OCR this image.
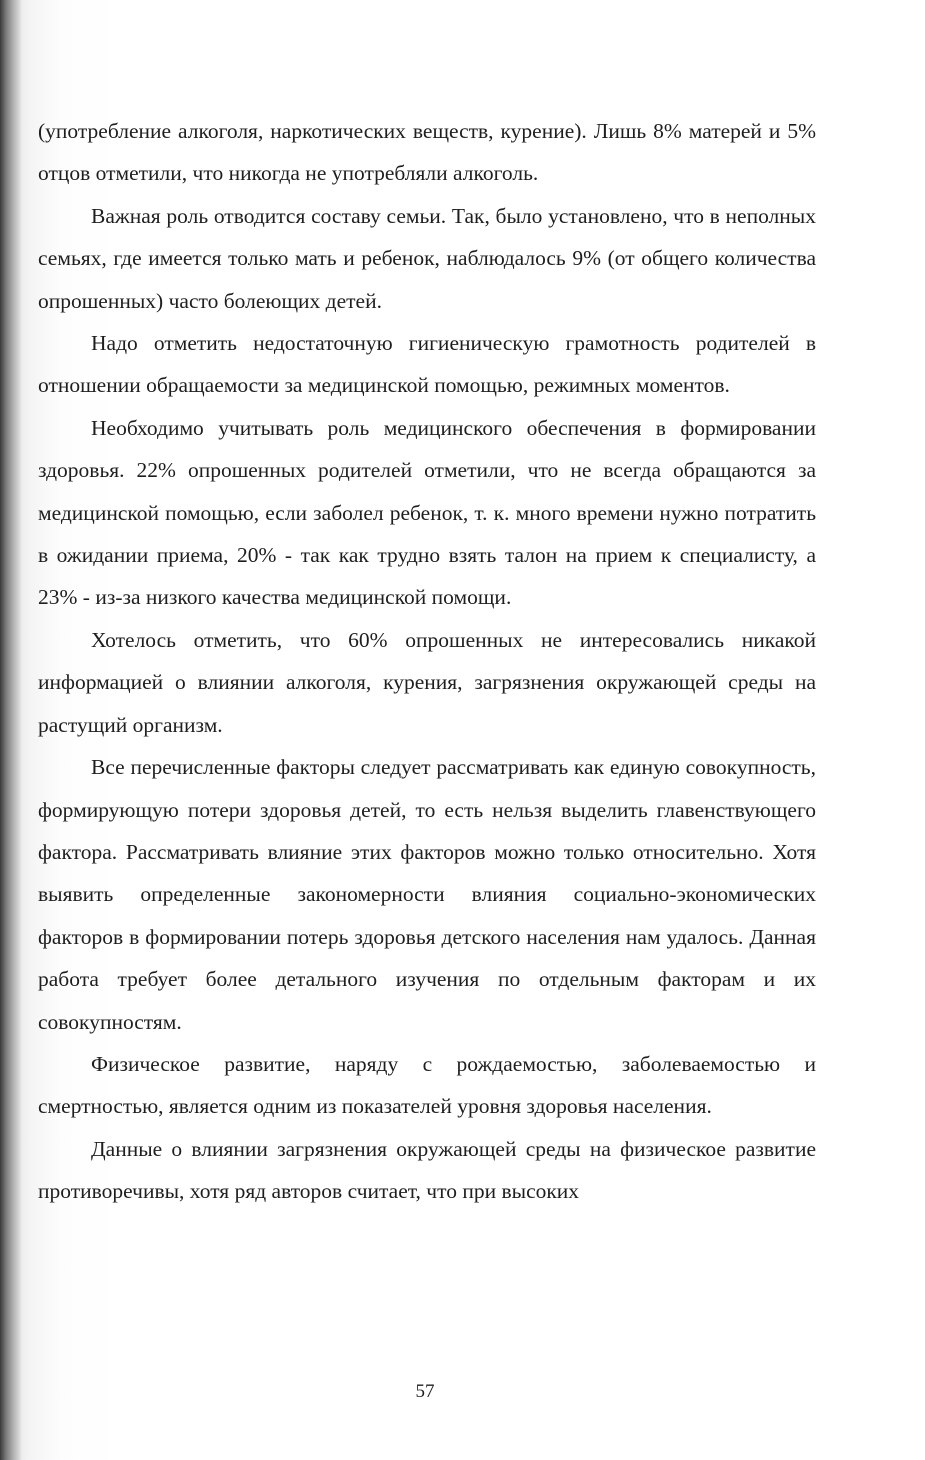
(употребление алкоголя, наркотических веществ, курение). Лишь 8% матерей и 5% отцов отметили, что никогда не употребляли алкоголь.

Важная роль отводится составу семьи. Так, было установлено, что в неполных семьях, где имеется только мать и ребенок, наблюдалось 9% (от общего количества опрошенных) часто болеющих детей.

Надо отметить недостаточную гигиеническую грамотность родителей в отношении обращаемости за медицинской помощью, режимных моментов.

Необходимо учитывать роль медицинского обеспечения в формировании здоровья. 22% опрошенных родителей отметили, что не всегда обращаются за медицинской помощью, если заболел ребенок, т. к. много времени нужно потратить в ожидании приема, 20% - так как трудно взять талон на прием к специалисту, а 23% - из-за низкого качества медицинской помощи.

Хотелось отметить, что 60% опрошенных не интересовались никакой информацией о влиянии алкоголя, курения, загрязнения окружающей среды на растущий организм.

Все перечисленные факторы следует рассматривать как единую совокупность, формирующую потери здоровья детей, то есть нельзя выделить главенствующего фактора. Рассматривать влияние этих факторов можно только относительно. Хотя выявить определенные закономерности влияния социально-экономических факторов в формировании потерь здоровья детского населения нам удалось. Данная работа требует более детального изучения по отдельным факторам и их совокупностям.

Физическое развитие, наряду с рождаемостью, заболеваемостью и смертностью, является одним из показателей уровня здоровья населения.

Данные о влиянии загрязнения окружающей среды на физическое развитие противоречивы, хотя ряд авторов считает, что при высоких

57
